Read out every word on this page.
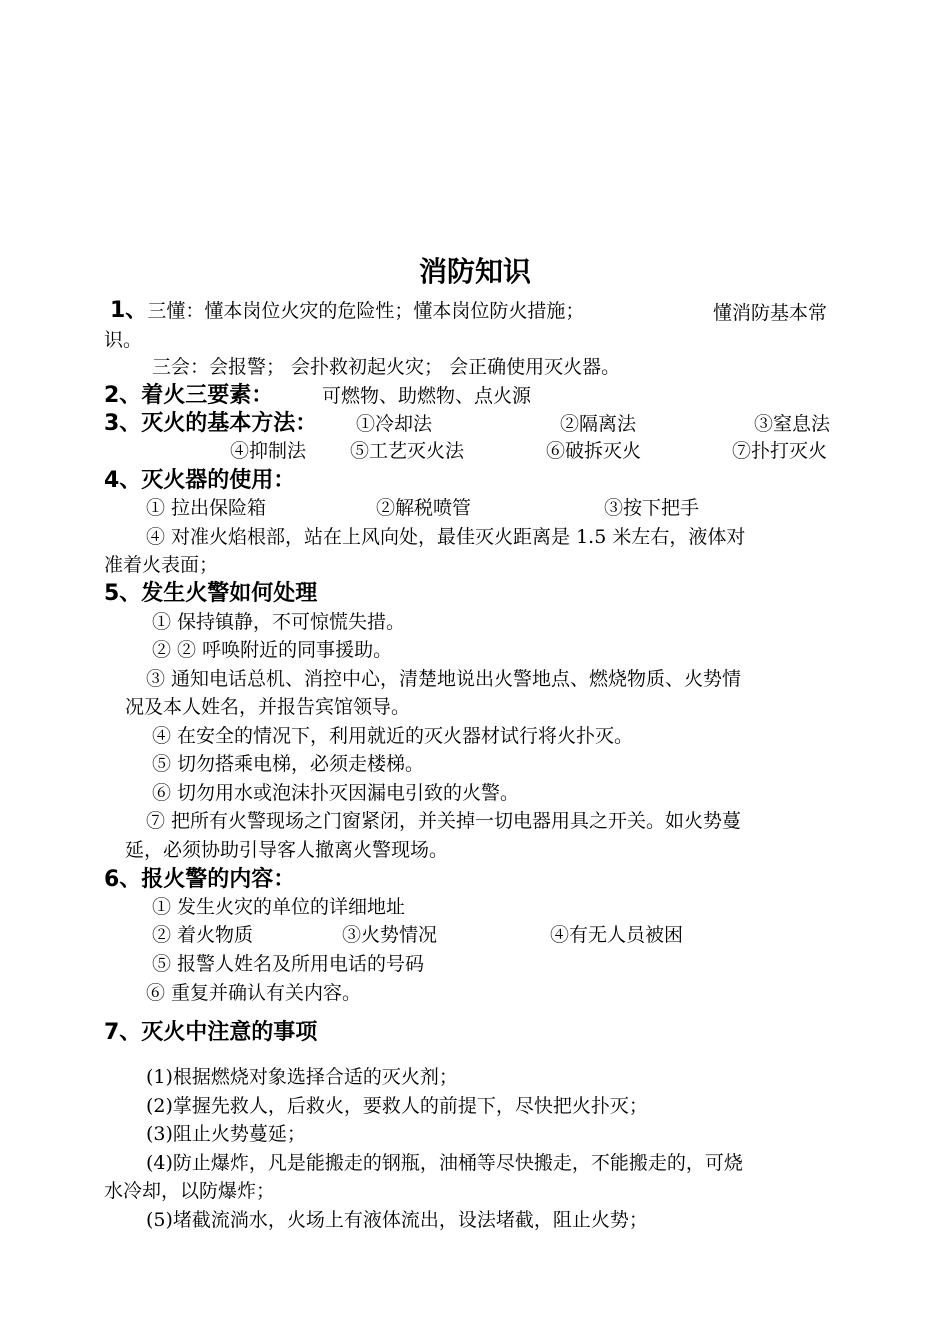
消防知识
1、三懂：懂本岗位火灾的危险性；懂本岗位防火措施；	懂消防基本常
识。
三会：会报警； 会扑救初起火灾； 会正确使用灭火器。
2、着火三要素：	可燃物、助燃物、点火源
3、灭火的基本方法： ①冷却法	②隔离法	③窒息法
④抑制法 ⑤工艺灭火法	⑥破拆灭火	⑦扑打灭火
4、灭火器的使用：
① 拉出保险箱	②解税喷管	③按下把手
④ 对准火焰根部，站在上风向处，最佳灭火距离是 1.5 米左右，液体对
准着火表面；
5、发生火警如何处理
① 保持镇静，不可惊慌失措。
② ② 呼唤附近的同事援助。
③ 通知电话总机、消控中心，清楚地说出火警地点、燃烧物质、火势情
况及本人姓名，并报告宾馆领导。
④ 在安全的情况下，利用就近的灭火器材试行将火扑灭。
⑤ 切勿搭乘电梯，必须走楼梯。
⑥ 切勿用水或泡沫扑灭因漏电引致的火警。
⑦ 把所有火警现场之门窗紧闭，并关掉一切电器用具之开关。如火势蔓
延，必须协助引导客人撤离火警现场。
6、报火警的内容：
① 发生火灾的单位的详细地址
② 着火物质	③火势情况	④有无人员被困
⑤ 报警人姓名及所用电话的号码
⑥ 重复并确认有关内容。
7、灭火中注意的事项
(1)根据燃烧对象选择合适的灭火剂；
(2)掌握先救人，后救火，要救人的前提下，尽快把火扑灭；
(3)阻止火势蔓延；
(4)防止爆炸，凡是能搬走的钢瓶，油桶等尽快搬走，不能搬走的，可烧
水冷却，以防爆炸；
(5)堵截流淌水，火场上有液体流出，设法堵截，阻止火势；
